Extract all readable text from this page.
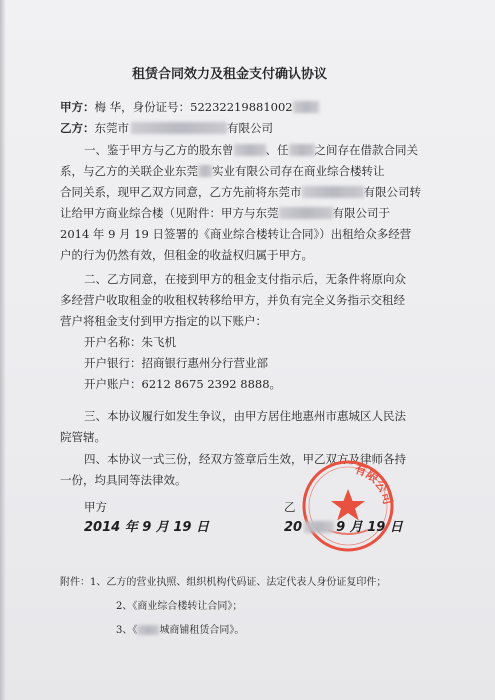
租赁合同效力及租金支付确认协议
甲方：梅 华，身份证号：52232219881002
乙方：东莞市	有限公司
一、鉴于甲方与乙方的股东曾	、任 之间存在借款合同关
系，与乙方的关联企业东莞 实业有限公司存在商业综合楼转让
合同关系，现甲乙双方同意，乙方先前将东莞市	有限公司转
让给甲方商业综合楼（见附件：甲方与东莞	有限公司于
2014 年 9 月 19 日签署的《商业综合楼转让合同》）出租给众多经营
户的行为仍然有效，但租金的收益权归属于甲方。
二、乙方同意，在接到甲方的租金支付指示后，无条件将原向众
多经营户收取租金的收租权转移给甲方，并负有完全义务指示交租经
营户将租金支付到甲方指定的以下账户：
开户名称：朱飞机
开户银行：招商银行惠州分行营业部
开户账户：6212 8675 2392 8888。
三、本协议履行如发生争议，由甲方居住地惠州市惠城区人民法
院管辖。
四、本协议一式三份，经双方签章后生效，甲乙双方及律师各持
一份，均具同等法律效。
有限公司
甲方
2014 年 9 月 19 日
乙
20	9 月 19 日
附件：1、乙方的营业执照、组织机构代码证、法定代表人身份证复印件；
2、《商业综合楼转让合同》；
3、《 城商铺租赁合同》。
